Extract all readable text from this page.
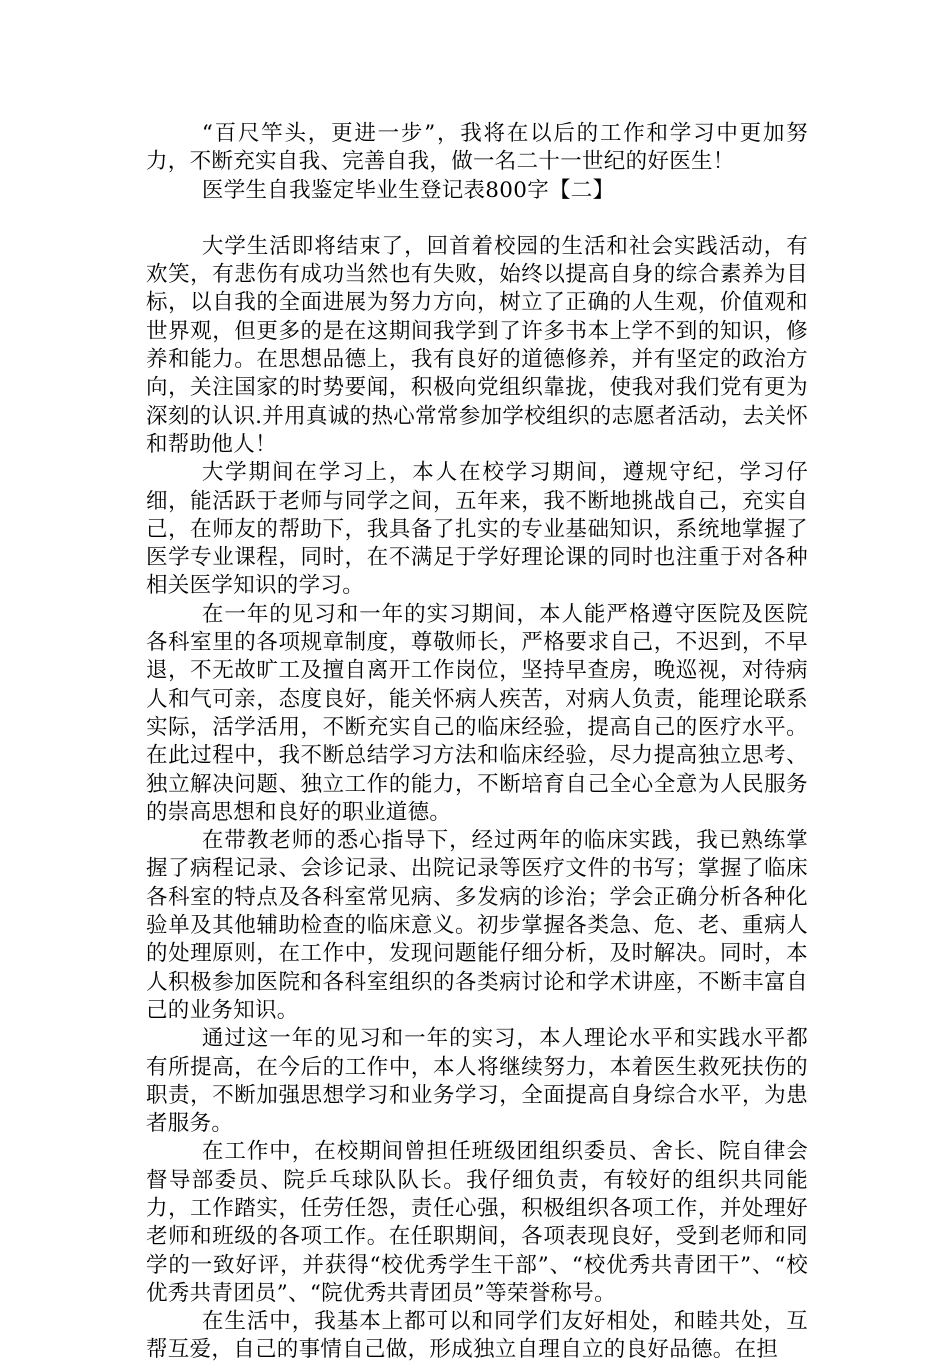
“百尺竿头，更进一步”，我将在以后的工作和学习中更加努力，不断充实自我、完善自我，做一名二十一世纪的好医生！

医学生自我鉴定毕业生登记表800字【二】

大学生活即将结束了，回首着校园的生活和社会实践活动，有欢笑，有悲伤有成功当然也有失败，始终以提高自身的综合素养为目标，以自我的全面进展为努力方向，树立了正确的人生观，价值观和世界观，但更多的是在这期间我学到了许多书本上学不到的知识，修养和能力。在思想品德上，我有良好的道德修养，并有坚定的政治方向，关注国家的时势要闻，积极向党组织靠拢，使我对我们党有更为深刻的认识.并用真诚的热心常常参加学校组织的志愿者活动，去关怀和帮助他人！

大学期间在学习上，本人在校学习期间，遵规守纪，学习仔细，能活跃于老师与同学之间，五年来，我不断地挑战自己，充实自己，在师友的帮助下，我具备了扎实的专业基础知识，系统地掌握了医学专业课程，同时，在不满足于学好理论课的同时也注重于对各种相关医学知识的学习。

在一年的见习和一年的实习期间，本人能严格遵守医院及医院各科室里的各项规章制度，尊敬师长，严格要求自己，不迟到，不早退，不无故旷工及擅自离开工作岗位，坚持早查房，晚巡视，对待病人和气可亲，态度良好，能关怀病人疾苦，对病人负责，能理论联系实际，活学活用，不断充实自己的临床经验，提高自己的医疗水平。在此过程中，我不断总结学习方法和临床经验，尽力提高独立思考、独立解决问题、独立工作的能力，不断培育自己全心全意为人民服务的崇高思想和良好的职业道德。

在带教老师的悉心指导下，经过两年的临床实践，我已熟练掌握了病程记录、会诊记录、出院记录等医疗文件的书写；掌握了临床各科室的特点及各科室常见病、多发病的诊治；学会正确分析各种化验单及其他辅助检查的临床意义。初步掌握各类急、危、老、重病人的处理原则，在工作中，发现问题能仔细分析，及时解决。同时，本人积极参加医院和各科室组织的各类病讨论和学术讲座，不断丰富自己的业务知识。

通过这一年的见习和一年的实习，本人理论水平和实践水平都有所提高，在今后的工作中，本人将继续努力，本着医生救死扶伤的职责，不断加强思想学习和业务学习，全面提高自身综合水平，为患者服务。

在工作中，在校期间曾担任班级团组织委员、舍长、院自律会督导部委员、院乒乓球队队长。我仔细负责，有较好的组织共同能力，工作踏实，任劳任怨，责任心强，积极组织各项工作，并处理好老师和班级的各项工作。在任职期间，各项表现良好，受到老师和同学的一致好评，并获得“校优秀学生干部”、“校优秀共青团干”、“校优秀共青团员”、“院优秀共青团员”等荣誉称号。

在生活中，我基本上都可以和同学们友好相处，和睦共处，互帮互爱，自己的事情自己做，形成独立自理自立的良好品德。在担
